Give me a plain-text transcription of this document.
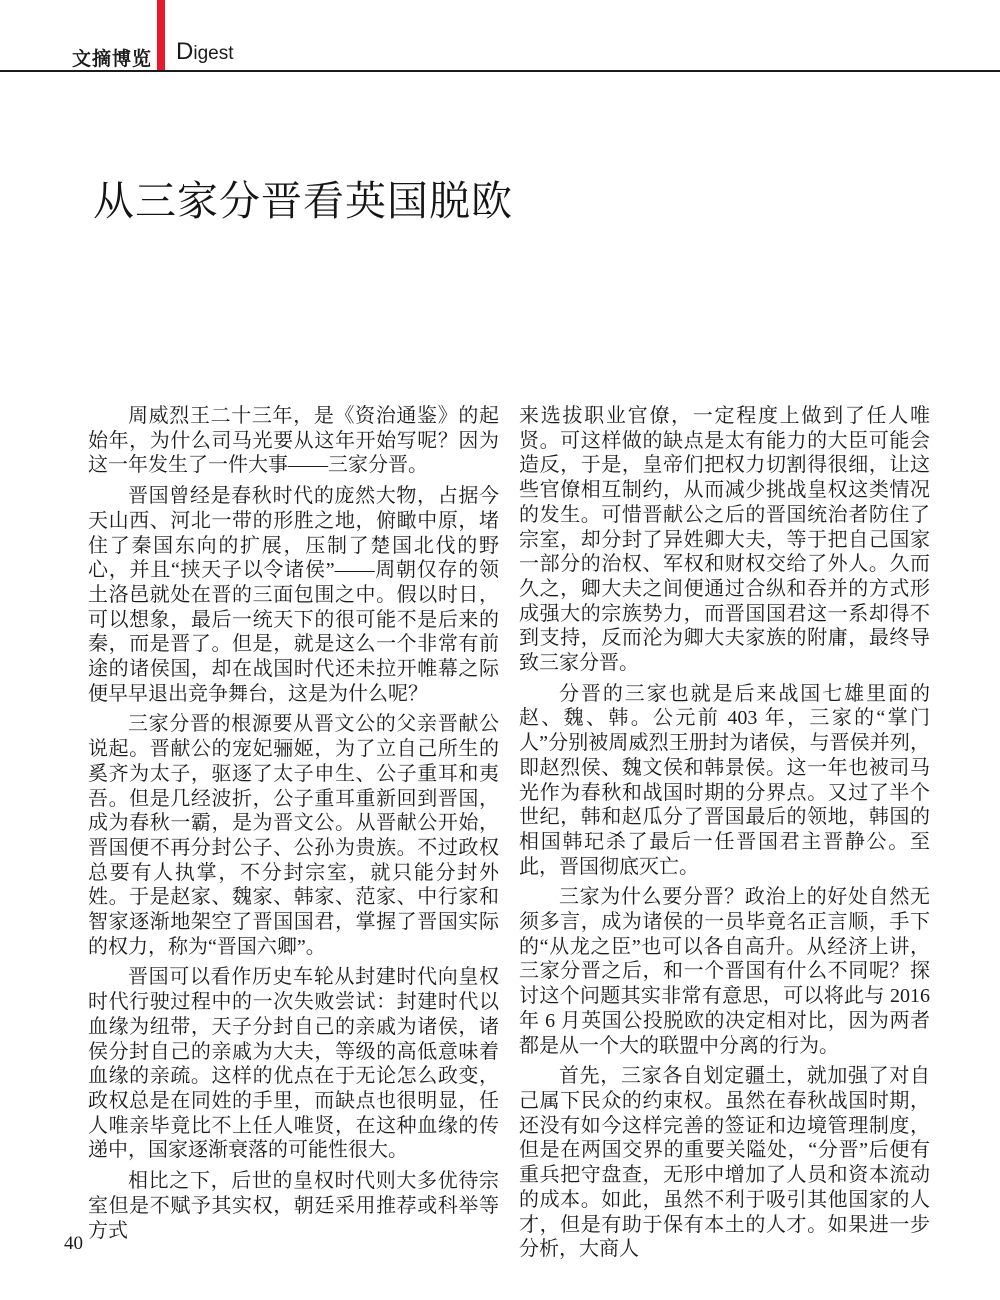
文摘博览 Digest
从三家分晋看英国脱欧

周威烈王二十三年，是《资治通鉴》的起始年，为什么司马光要从这年开始写呢？因为这一年发生了一件大事——三家分晋。

晋国曾经是春秋时代的庞然大物，占据今天山西、河北一带的形胜之地，俯瞰中原，堵住了秦国东向的扩展，压制了楚国北伐的野心，并且“挟天子以令诸侯”——周朝仅存的领土洛邑就处在晋的三面包围之中。假以时日，可以想象，最后一统天下的很可能不是后来的秦，而是晋了。但是，就是这么一个非常有前途的诸侯国，却在战国时代还未拉开帷幕之际便早早退出竞争舞台，这是为什么呢？

三家分晋的根源要从晋文公的父亲晋献公说起。晋献公的宠妃骊姬，为了立自己所生的奚齐为太子，驱逐了太子申生、公子重耳和夷吾。但是几经波折，公子重耳重新回到晋国，成为春秋一霸，是为晋文公。从晋献公开始，晋国便不再分封公子、公孙为贵族。不过政权总要有人执掌，不分封宗室，就只能分封外姓。于是赵家、魏家、韩家、范家、中行家和智家逐渐地架空了晋国国君，掌握了晋国实际的权力，称为“晋国六卿”。

晋国可以看作历史车轮从封建时代向皇权时代行驶过程中的一次失败尝试：封建时代以血缘为纽带，天子分封自己的亲戚为诸侯，诸侯分封自己的亲戚为大夫，等级的高低意味着血缘的亲疏。这样的优点在于无论怎么政变，政权总是在同姓的手里，而缺点也很明显，任人唯亲毕竟比不上任人唯贤，在这种血缘的传递中，国家逐渐衰落的可能性很大。

相比之下，后世的皇权时代则大多优待宗室但是不赋予其实权，朝廷采用推荐或科举等方式

来选拔职业官僚，一定程度上做到了任人唯贤。可这样做的缺点是太有能力的大臣可能会造反，于是，皇帝们把权力切割得很细，让这些官僚相互制约，从而减少挑战皇权这类情况的发生。可惜晋献公之后的晋国统治者防住了宗室，却分封了异姓卿大夫，等于把自己国家一部分的治权、军权和财权交给了外人。久而久之，卿大夫之间便通过合纵和吞并的方式形成强大的宗族势力，而晋国国君这一系却得不到支持，反而沦为卿大夫家族的附庸，最终导致三家分晋。

分晋的三家也就是后来战国七雄里面的赵、魏、韩。公元前 403 年，三家的“掌门人”分别被周威烈王册封为诸侯，与晋侯并列，即赵烈侯、魏文侯和韩景侯。这一年也被司马光作为春秋和战国时期的分界点。又过了半个世纪，韩和赵瓜分了晋国最后的领地，韩国的相国韩玘杀了最后一任晋国君主晋静公。至此，晋国彻底灭亡。

三家为什么要分晋？政治上的好处自然无须多言，成为诸侯的一员毕竟名正言顺，手下的“从龙之臣”也可以各自高升。从经济上讲，三家分晋之后，和一个晋国有什么不同呢？探讨这个问题其实非常有意思，可以将此与 2016 年 6 月英国公投脱欧的决定相对比，因为两者都是从一个大的联盟中分离的行为。

首先，三家各自划定疆土，就加强了对自己属下民众的约束权。虽然在春秋战国时期，还没有如今这样完善的签证和边境管理制度，但是在两国交界的重要关隘处，“分晋”后便有重兵把守盘查，无形中增加了人员和资本流动的成本。如此，虽然不利于吸引其他国家的人才，但是有助于保有本土的人才。如果进一步分析，大商人

40
